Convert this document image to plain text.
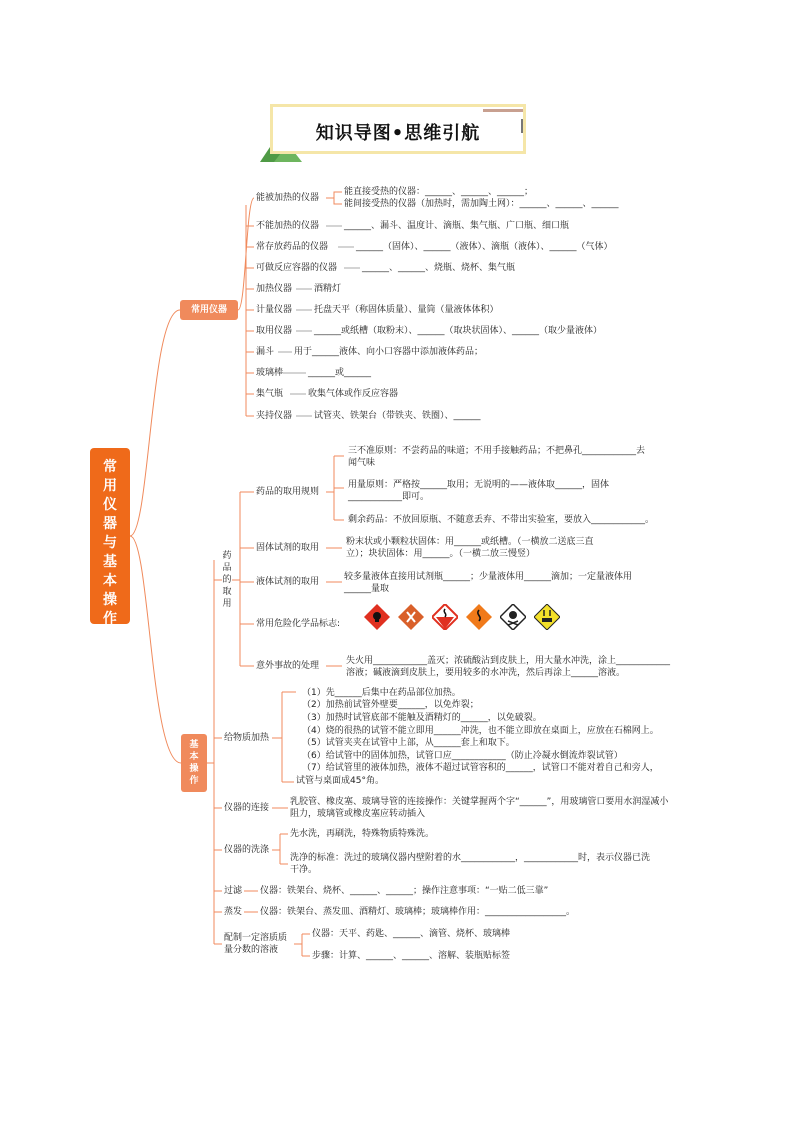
知识导图•思维引航
常
用
仪
器
与
基
本
操
作
常用仪器
能被加热的仪器
能直接受热的仪器：______、______、______；
能间接受热的仪器（加热时，需加陶土网）：______、______、______
不能加热的仪器	______、漏斗、温度计、滴瓶、集气瓶、广口瓶、细口瓶
常存放药品的仪器	______（固体）、______（液体）、滴瓶（液体）、______（气体）
可做反应容器的仪器	______、______、烧瓶、烧杯、集气瓶
加热仪器 酒精灯
计量仪器 托盘天平（称固体质量）、量筒（量液体体积）
取用仪器 ______或纸槽（取粉末）、______（取块状固体）、______（取少量液体）
漏斗 用于______液体、向小口容器中添加液体药品；
玻璃棒	______或______
集气瓶	收集气体或作反应容器
夹持仪器 试管夹、铁架台（带铁夹、铁圈）、______
基
本
操
作
药品的取用
药品的取用规则
三不准原则：不尝药品的味道；不用手接触药品；不把鼻孔____________去
闻气味
用量原则：严格按______取用；无说明的——液体取______，固体
____________即可。
剩余药品：不放回原瓶、不随意丢弃、不带出实验室，要放入____________。
固体试剂的取用
粉末状或小颗粒状固体：用______或纸槽。（一横放二送底三直
立）；块状固体：用______。（一横二放三慢竖）
液体试剂的取用	较多量液体直接用试剂瓶______；少量液体用______滴加；一定量液体用
______量取
常用危险化学品标志:
意外事故的处理	失火用____________盖灭；浓硫酸沾到皮肤上，用大量水冲洗，涂上____________
溶液；碱液滴到皮肤上，要用较多的水冲洗，然后再涂上______溶液。
给物质加热
（1）先______后集中在药品部位加热。
（2）加热前试管外壁要______，以免炸裂；
（3）加热时试管底部不能触及酒精灯的______，以免破裂。
（4）烧的很热的试管不能立即用______冲洗，也不能立即放在桌面上，应放在石棉网上。
（5）试管夹夹在试管中上部，从______套上和取下。
（6）给试管中的固体加热，试管口应____________（防止冷凝水倒流炸裂试管）
（7）给试管里的液体加热，液体不超过试管容积的______，试管口不能对着自己和旁人，
试管与桌面成45°角。
仪器的连接
乳胶管、橡皮塞、玻璃导管的连接操作：关键掌握两个字“______”，用玻璃管口要用水润湿减小
阻力，玻璃管或橡皮塞应转动插入
仪器的洗涤
先水洗，再刷洗，特殊物质特殊洗。
洗净的标准：洗过的玻璃仪器内壁附着的水____________，____________时，表示仪器已洗
干净。
过滤 仪器：铁架台、烧杯、______、______；操作注意事项：“一贴二低三靠”
蒸发 仪器：铁架台、蒸发皿、酒精灯、玻璃棒；玻璃棒作用：__________________。
配制一定溶质质
量分数的溶液
仪器：天平、药匙、______、滴管、烧杯、玻璃棒
步骤：计算、______、______、溶解、装瓶贴标签
